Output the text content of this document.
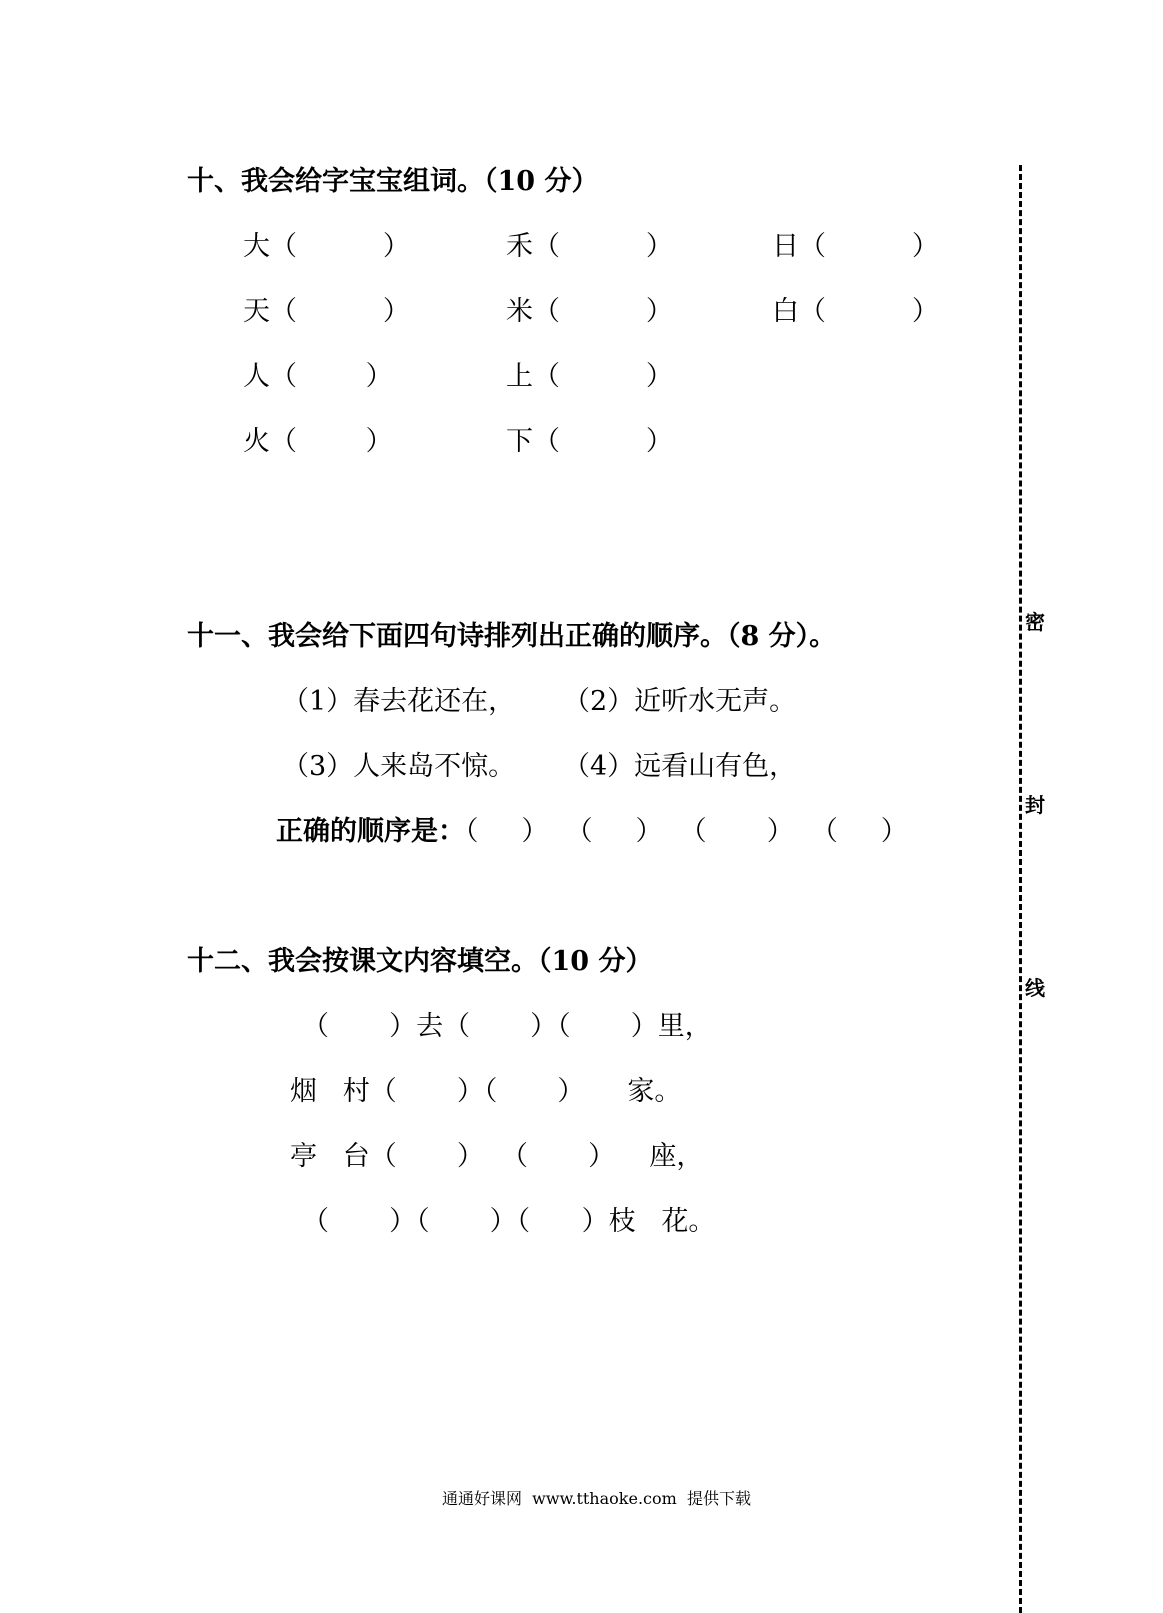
十、我会给字宝宝组词。（10 分）
大（          ）	禾（          ）	日（          ）
天（          ）	米（          ）	白（          ）
人（        ）	上（          ）
火（        ）	下（          ）
十一、我会给下面四句诗排列出正确的顺序。（8 分）。
（1）春去花还在， （2）近听水无声。
（3）人来岛不惊。 （4）远看山有色，
正确的顺序是：（     ）  （     ）  （       ）  （     ）
十二、我会按课文内容填空。（10 分）
（       ）去（       ）（       ）里，
烟   村（       ）（       ）     家。
亭   台（       ）  （       ）    座，
（       ）（       ）（      ）枝   花。
通通好课网  www.tthaoke.com  提供下载
密
封
线
